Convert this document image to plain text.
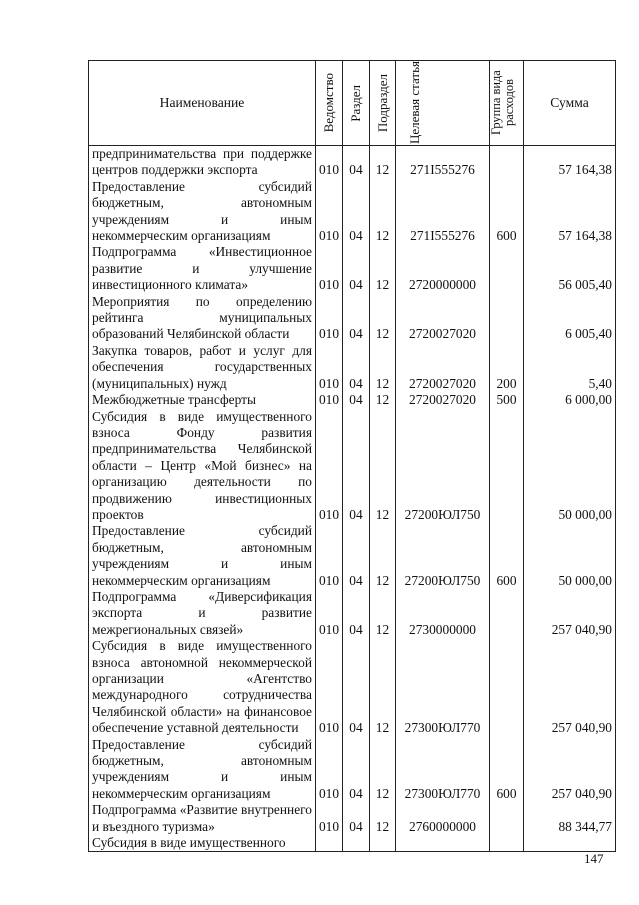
Наименование	Ведомство	Раздел	Подраздел	Целевая статья	Группа вида расходов	Сумма
предпринимательства при поддержке центров поддержки экспорта	010	04	12	271I555276		57 164,38
Предоставление субсидий бюджетным, автономным учреждениям и иным некоммерческим организациям	010	04	12	271I555276	600	57 164,38
Подпрограмма «Инвестиционное развитие и улучшение инвестиционного климата»	010	04	12	2720000000		56 005,40
Мероприятия по определению рейтинга муниципальных образований Челябинской области	010	04	12	2720027020		6 005,40
Закупка товаров, работ и услуг для обеспечения государственных (муниципальных) нужд	010	04	12	2720027020	200	5,40
Межбюджетные трансферты	010	04	12	2720027020	500	6 000,00
Субсидия в виде имущественного взноса Фонду развития предпринимательства Челябинской области – Центр «Мой бизнес» на организацию деятельности по продвижению инвестиционных проектов	010	04	12	27200ЮЛ750		50 000,00
Предоставление субсидий бюджетным, автономным учреждениям и иным некоммерческим организациям	010	04	12	27200ЮЛ750	600	50 000,00
Подпрограмма «Диверсификация экспорта и развитие межрегиональных связей»	010	04	12	2730000000		257 040,90
Субсидия в виде имущественного взноса автономной некоммерческой организации «Агентство международного сотрудничества Челябинской области» на финансовое обеспечение уставной деятельности	010	04	12	27300ЮЛ770		257 040,90
Предоставление субсидий бюджетным, автономным учреждениям и иным некоммерческим организациям	010	04	12	27300ЮЛ770	600	257 040,90
Подпрограмма «Развитие внутреннего и въездного туризма»	010	04	12	2760000000		88 344,77
Субсидия в виде имущественного						
147
